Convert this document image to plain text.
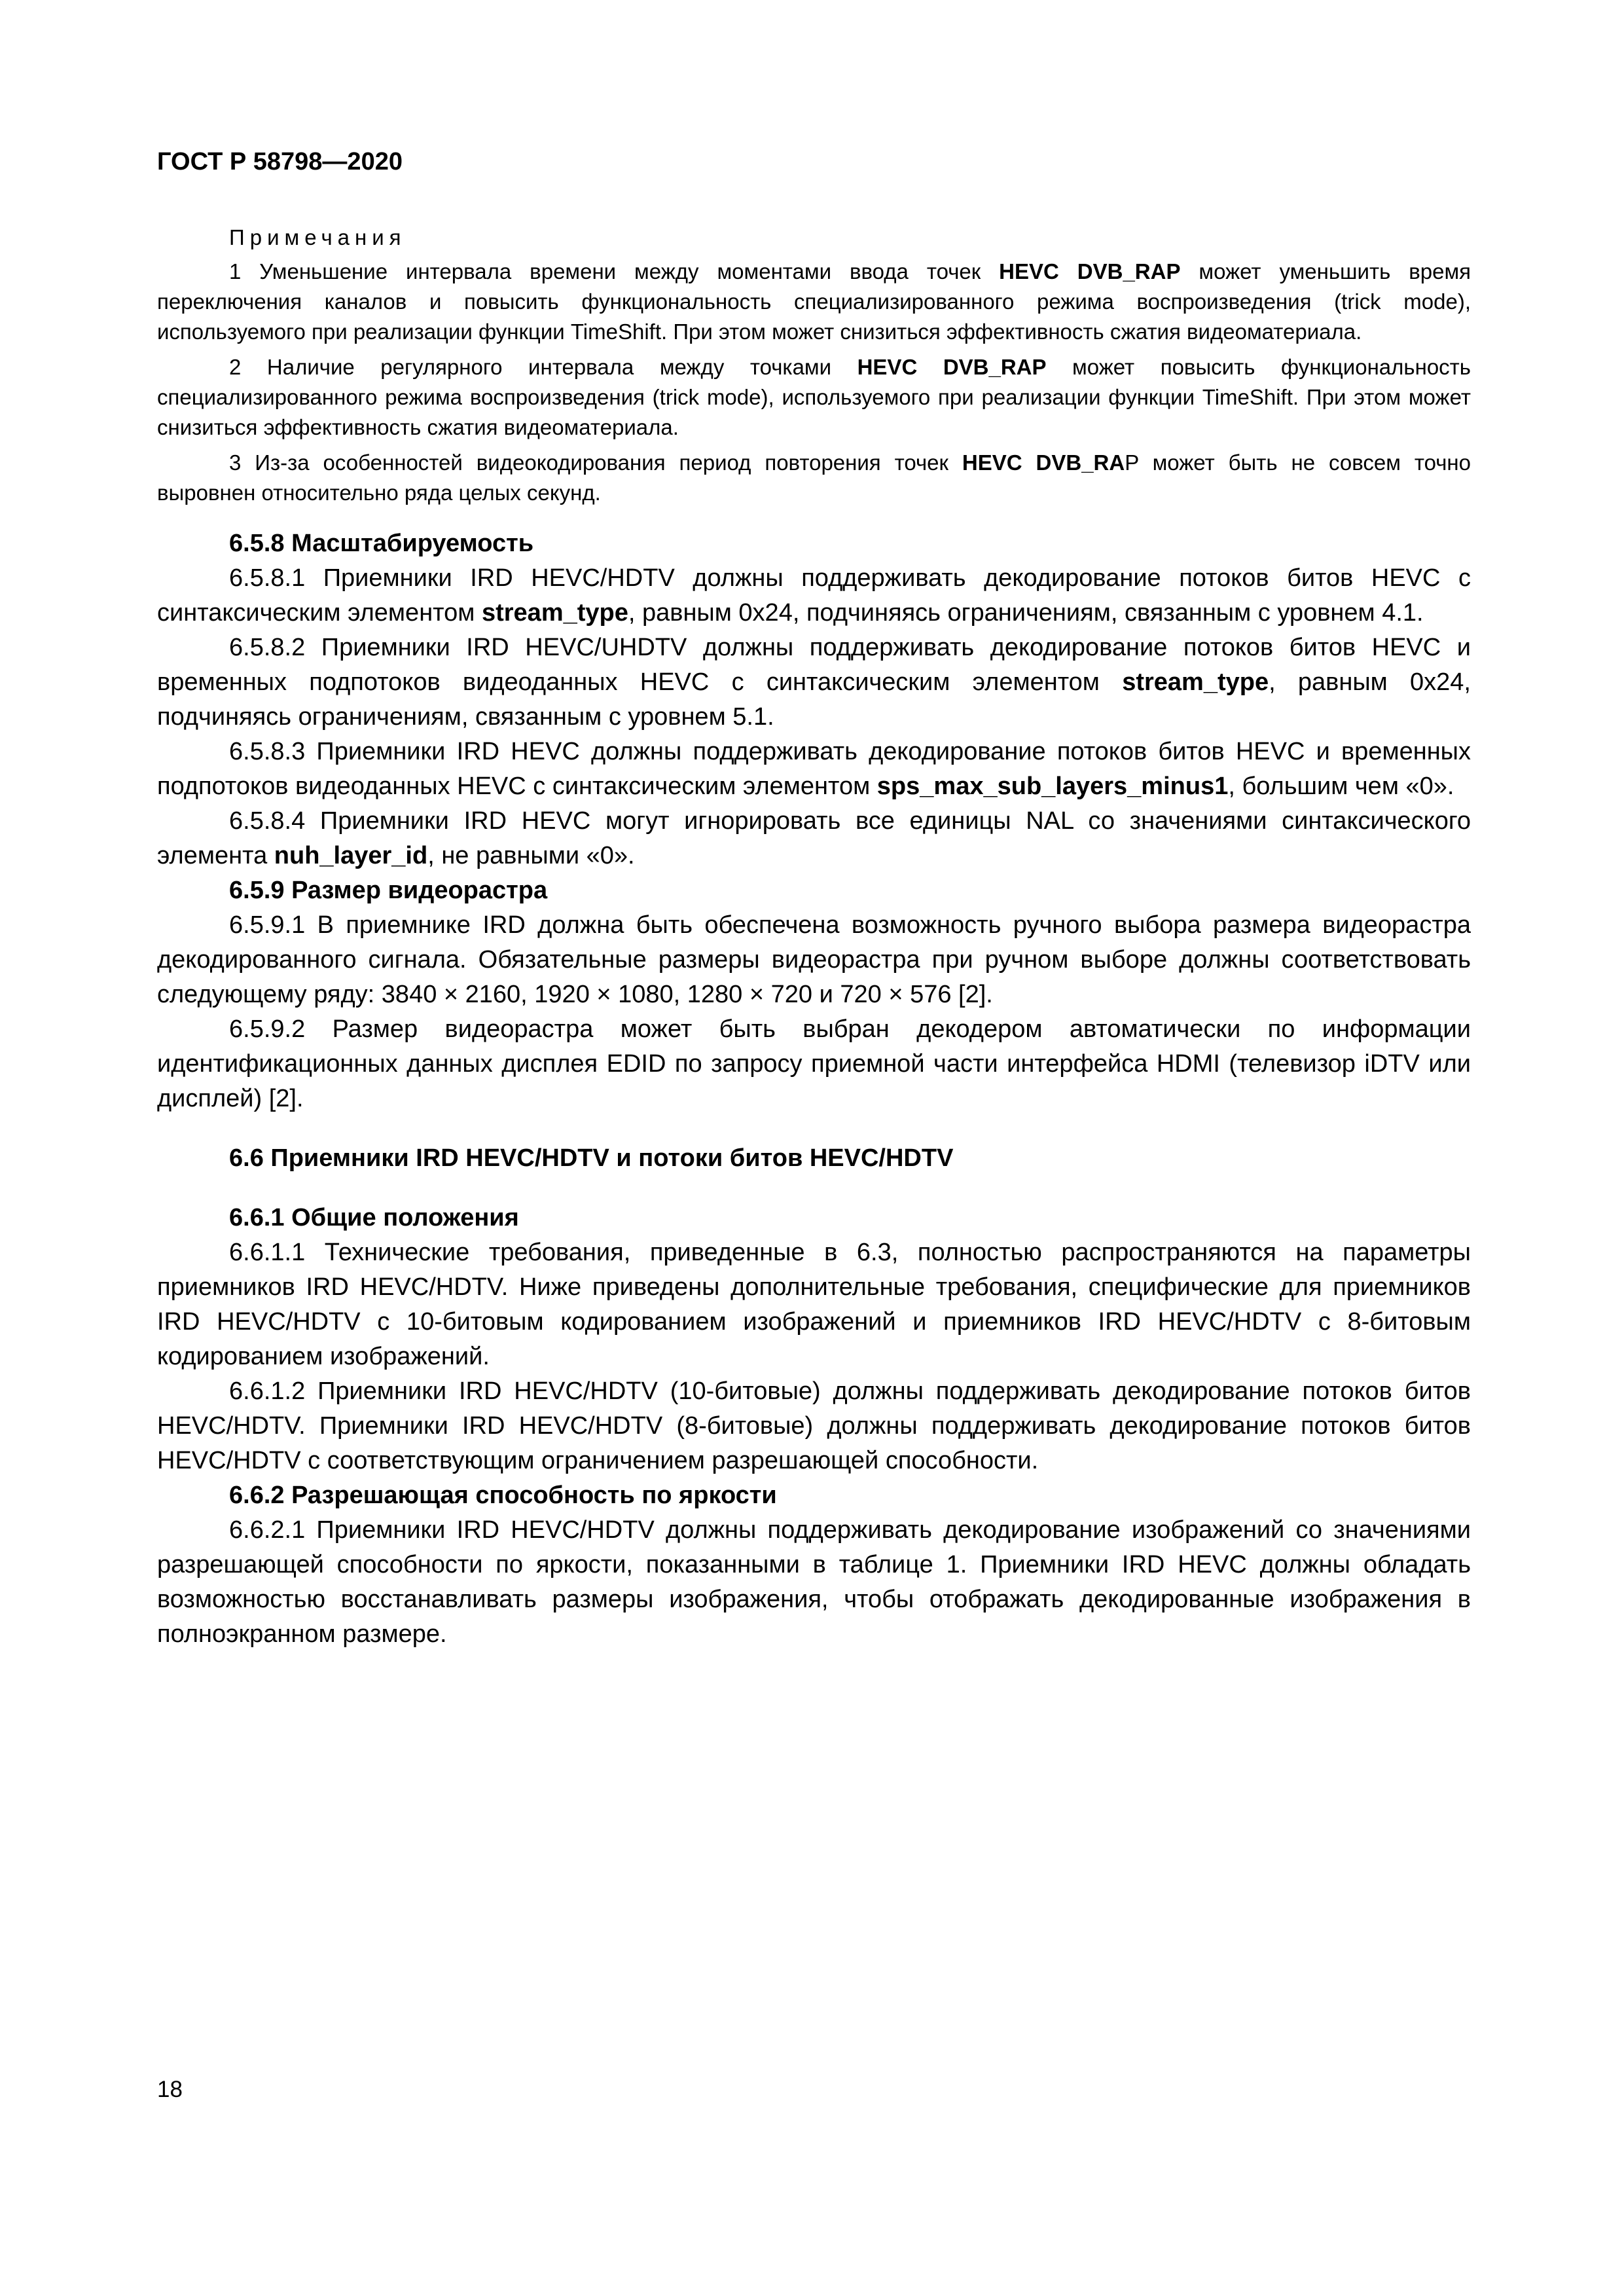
ГОСТ Р 58798—2020
Примечания
1 Уменьшение интервала времени между моментами ввода точек HEVC DVB_RAP может уменьшить время переключения каналов и повысить функциональность специализированного режима воспроизведения (trick mode), используемого при реализации функции TimeShift. При этом может снизиться эффективность сжатия видеоматериала.
2 Наличие регулярного интервала между точками HEVC DVB_RAP может повысить функциональность специализированного режима воспроизведения (trick mode), используемого при реализации функции TimeShift. При этом может снизиться эффективность сжатия видеоматериала.
3 Из-за особенностей видеокодирования период повторения точек HEVC DVB_RAP может быть не совсем точно выровнен относительно ряда целых секунд.
6.5.8 Масштабируемость

6.5.8.1 Приемники IRD HEVC/HDTV должны поддерживать декодирование потоков битов HEVC с синтаксическим элементом stream_type, равным 0x24, подчиняясь ограничениям, связанным с уровнем 4.1.

6.5.8.2 Приемники IRD HEVC/UHDTV должны поддерживать декодирование потоков битов HEVC и временных подпотоков видеоданных HEVC с синтаксическим элементом stream_type, равным 0x24, подчиняясь ограничениям, связанным с уровнем 5.1.

6.5.8.3 Приемники IRD HEVC должны поддерживать декодирование потоков битов HEVC и временных подпотоков видеоданных HEVC с синтаксическим элементом sps_max_sub_layers_minus1, большим чем «0».

6.5.8.4 Приемники IRD HEVC могут игнорировать все единицы NAL со значениями синтаксического элемента nuh_layer_id, не равными «0».

6.5.9 Размер видеорастра

6.5.9.1 В приемнике IRD должна быть обеспечена возможность ручного выбора размера видеорастра декодированного сигнала. Обязательные размеры видеорастра при ручном выборе должны соответствовать следующему ряду: 3840 × 2160, 1920 × 1080, 1280 × 720 и 720 × 576 [2].

6.5.9.2 Размер видеорастра может быть выбран декодером автоматически по информации идентификационных данных дисплея EDID по запросу приемной части интерфейса HDMI (телевизор iDTV или дисплей) [2].

6.6 Приемники IRD HEVC/HDTV и потоки битов HEVC/HDTV
6.6.1 Общие положения

6.6.1.1 Технические требования, приведенные в 6.3, полностью распространяются на параметры приемников IRD HEVC/HDTV. Ниже приведены дополнительные требования, специфические для приемников IRD HEVC/HDTV с 10-битовым кодированием изображений и приемников IRD HEVC/HDTV с 8-битовым кодированием изображений.

6.6.1.2 Приемники IRD HEVC/HDTV (10-битовые) должны поддерживать декодирование потоков битов HEVC/HDTV. Приемники IRD HEVC/HDTV (8-битовые) должны поддерживать декодирование потоков битов HEVC/HDTV с соответствующим ограничением разрешающей способности.

6.6.2 Разрешающая способность по яркости

6.6.2.1 Приемники IRD HEVC/HDTV должны поддерживать декодирование изображений со значениями разрешающей способности по яркости, показанными в таблице 1. Приемники IRD HEVC должны обладать возможностью восстанавливать размеры изображения, чтобы отображать декодированные изображения в полноэкранном размере.

18
